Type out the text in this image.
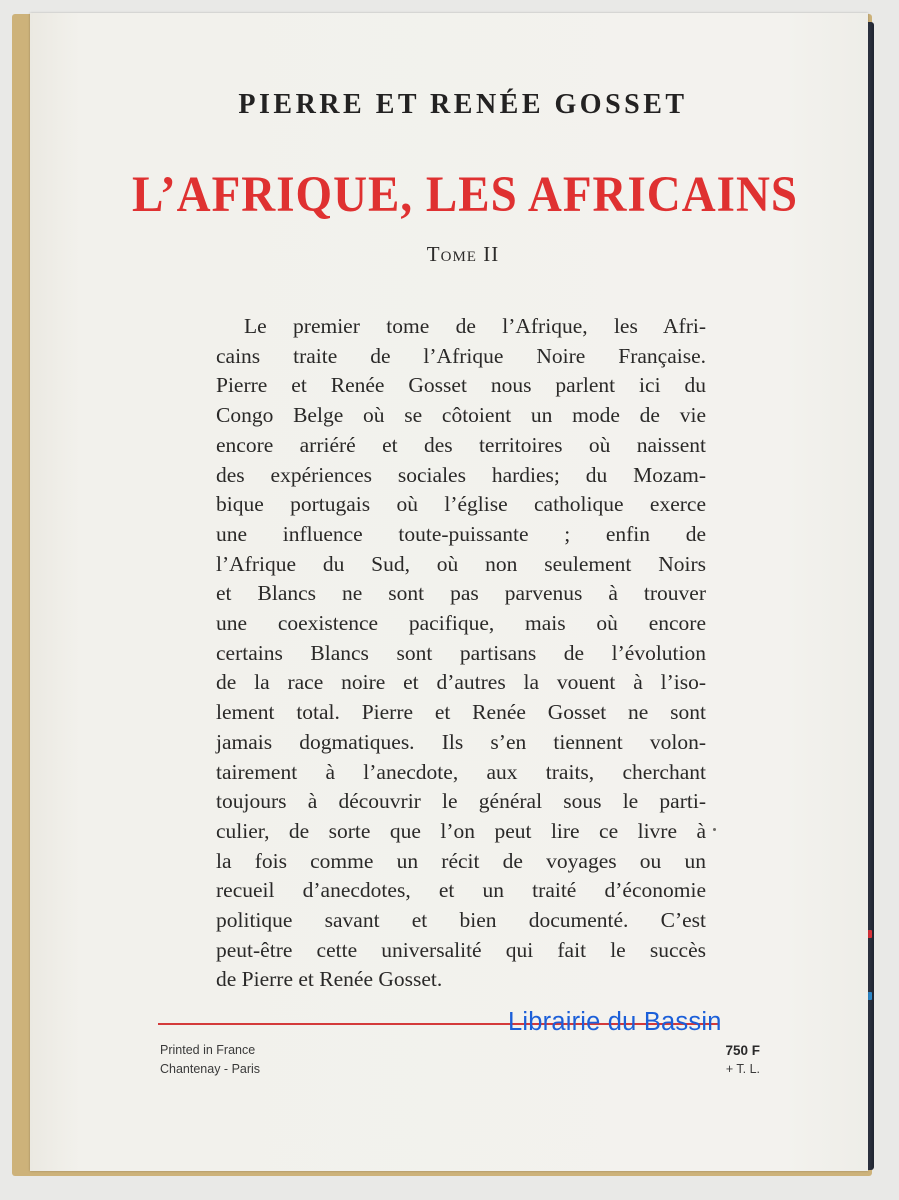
PIERRE ET RENÉE GOSSET
L’AFRIQUE, LES AFRICAINS
Tome II
Le premier tome de l’Afrique, les Afri-
cains traite de l’Afrique Noire Française.
Pierre et Renée Gosset nous parlent ici du
Congo Belge où se côtoient un mode de vie
encore arriéré et des territoires où naissent
des expériences sociales hardies; du Mozam-
bique portugais où l’église catholique exerce
une influence toute-puissante ; enfin de
l’Afrique du Sud, où non seulement Noirs
et Blancs ne sont pas parvenus à trouver
une coexistence pacifique, mais où encore
certains Blancs sont partisans de l’évolution
de la race noire et d’autres la vouent à l’iso-
lement total. Pierre et Renée Gosset ne sont
jamais dogmatiques. Ils s’en tiennent volon-
tairement à l’anecdote, aux traits, cherchant
toujours à découvrir le général sous le parti-
culier, de sorte que l’on peut lire ce livre à
la fois comme un récit de voyages ou un
recueil d’anecdotes, et un traité d’économie
politique savant et bien documenté. C’est
peut-être cette universalité qui fait le succès
de Pierre et Renée Gosset.
Librairie du Bassin
Printed in France
Chantenay - Paris
750 F
+ T. L.
